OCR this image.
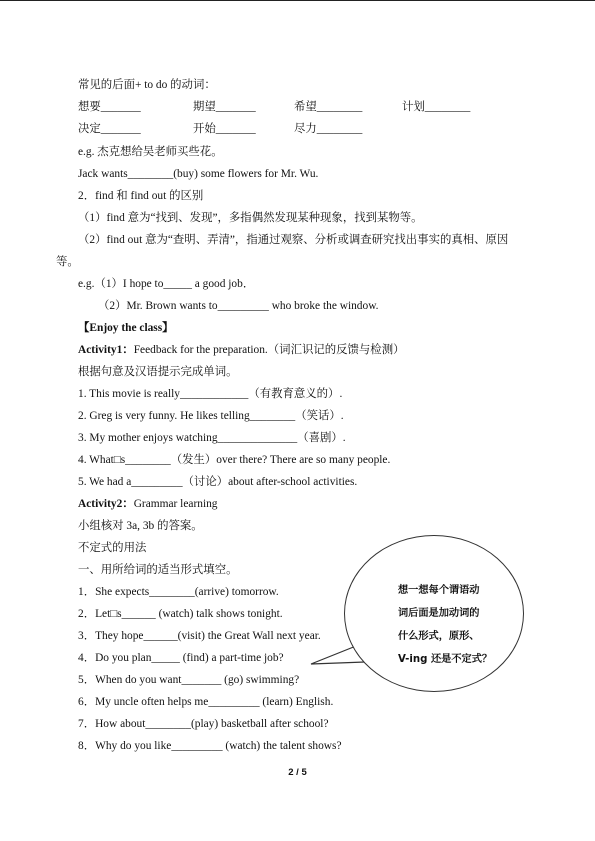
常见的后面+ to do 的动词：
想要_______	期望_______	希望________	计划________
决定_______	开始_______	尽力________
e.g. 杰克想给吴老师买些花。
Jack wants________(buy) some flowers for Mr. Wu.
2．find 和 find out 的区别
（1）find 意为“找到、发现”，多指偶然发现某种现象，找到某物等。
（2）find out 意为“查明、弄清”，指通过观察、分析或调查研究找出事实的真相、原因
等。
e.g.（1）I hope to_____ a good job．
（2）Mr. Brown wants to_________ who broke the window.
【Enjoy the class】
Activity1：Feedback for the preparation.（词汇识记的反馈与检测）
根据句意及汉语提示完成单词。
1. This movie is really____________（有教育意义的）.
2. Greg is very funny. He likes telling________（笑话）.
3. My mother enjoys watching______________（喜剧）.
4. What□s________（发生）over there? There are so many people.
5. We had a_________（讨论）about after-school activities.
Activity2：Grammar learning
小组核对 3a, 3b 的答案。
不定式的用法
一、用所给词的适当形式填空。
1．She expects________(arrive) tomorrow.
2．Let□s______ (watch) talk shows tonight.
3．They hope______(visit) the Great Wall next year.
4．Do you plan_____ (find) a part-time job?
5．When do you want_______ (go) swimming?
6．My uncle often helps me_________ (learn) English.
7．How about________(play) basketball after school?
8．Why do you like_________ (watch) the talent shows?
想一想每个谓语动
词后面是加动词的
什么形式，原形、
V-ing 还是不定式？
2 / 5
